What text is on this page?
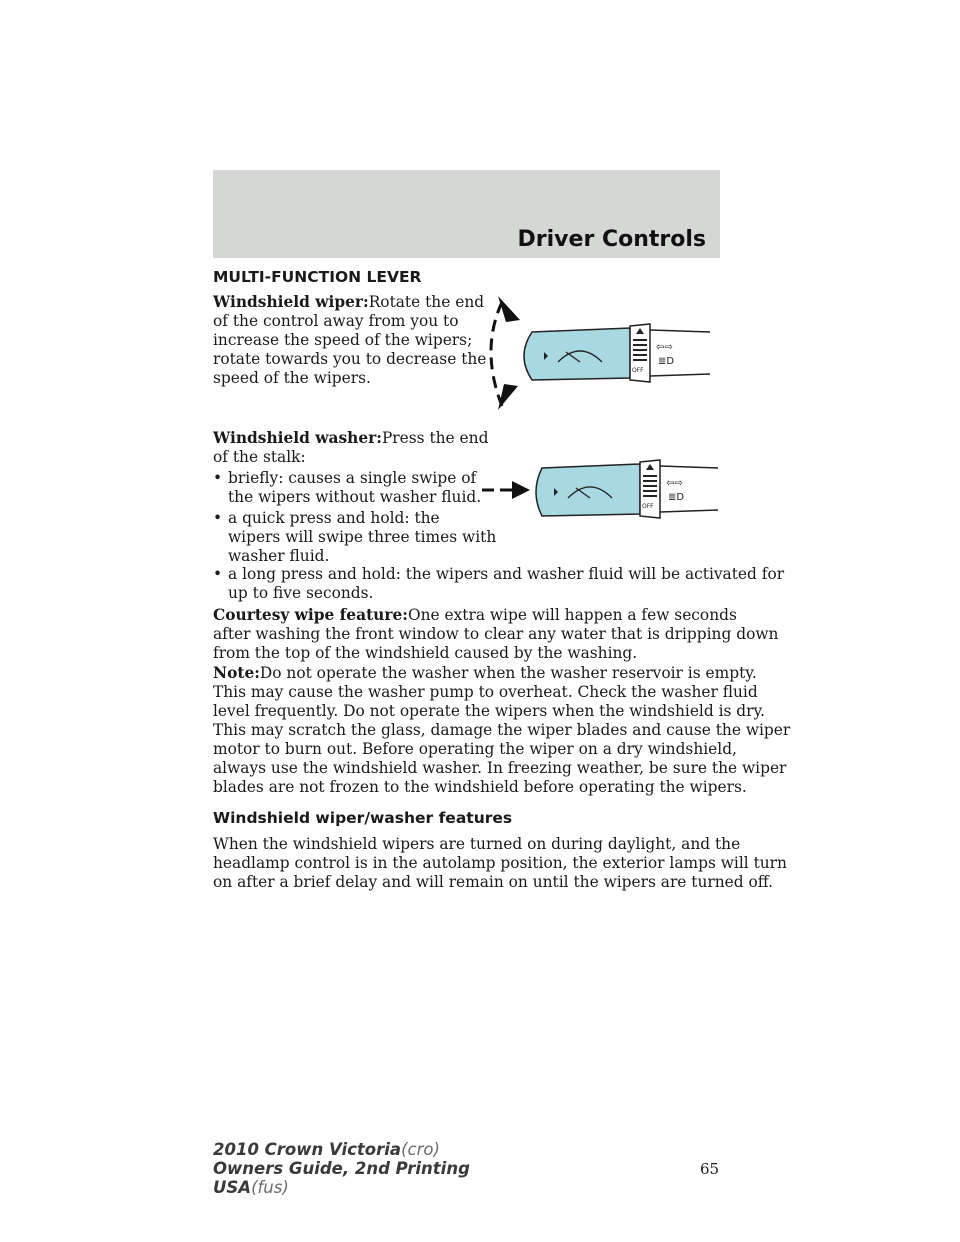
Driver Controls
MULTI-FUNCTION LEVER
Windshield wiper:Rotate the end
of the control away from you to
increase the speed of the wipers;
rotate towards you to decrease the
speed of the wipers.
Windshield washer:Press the end
of the stalk:
• briefly: causes a single swipe of
the wipers without washer fluid.
• a quick press and hold: the
wipers will swipe three times with
washer fluid.
• a long press and hold: the wipers and washer fluid will be activated for
up to five seconds.
Courtesy wipe feature:One extra wipe will happen a few seconds
after washing the front window to clear any water that is dripping down
from the top of the windshield caused by the washing.
Note:Do not operate the washer when the washer reservoir is empty.
This may cause the washer pump to overheat. Check the washer fluid
level frequently. Do not operate the wipers when the windshield is dry.
This may scratch the glass, damage the wiper blades and cause the wiper
motor to burn out. Before operating the wiper on a dry windshield,
always use the windshield washer. In freezing weather, be sure the wiper
blades are not frozen to the windshield before operating the wipers.
Windshield wiper/washer features
When the windshield wipers are turned on during daylight, and the
headlamp control is in the autolamp position, the exterior lamps will turn
on after a brief delay and will remain on until the wipers are turned off.
OFF
⇦⇨
≣D
OFF
⇦⇨
≣D
65
2010 Crown Victoria(cro)
Owners Guide, 2nd Printing
USA(fus)
